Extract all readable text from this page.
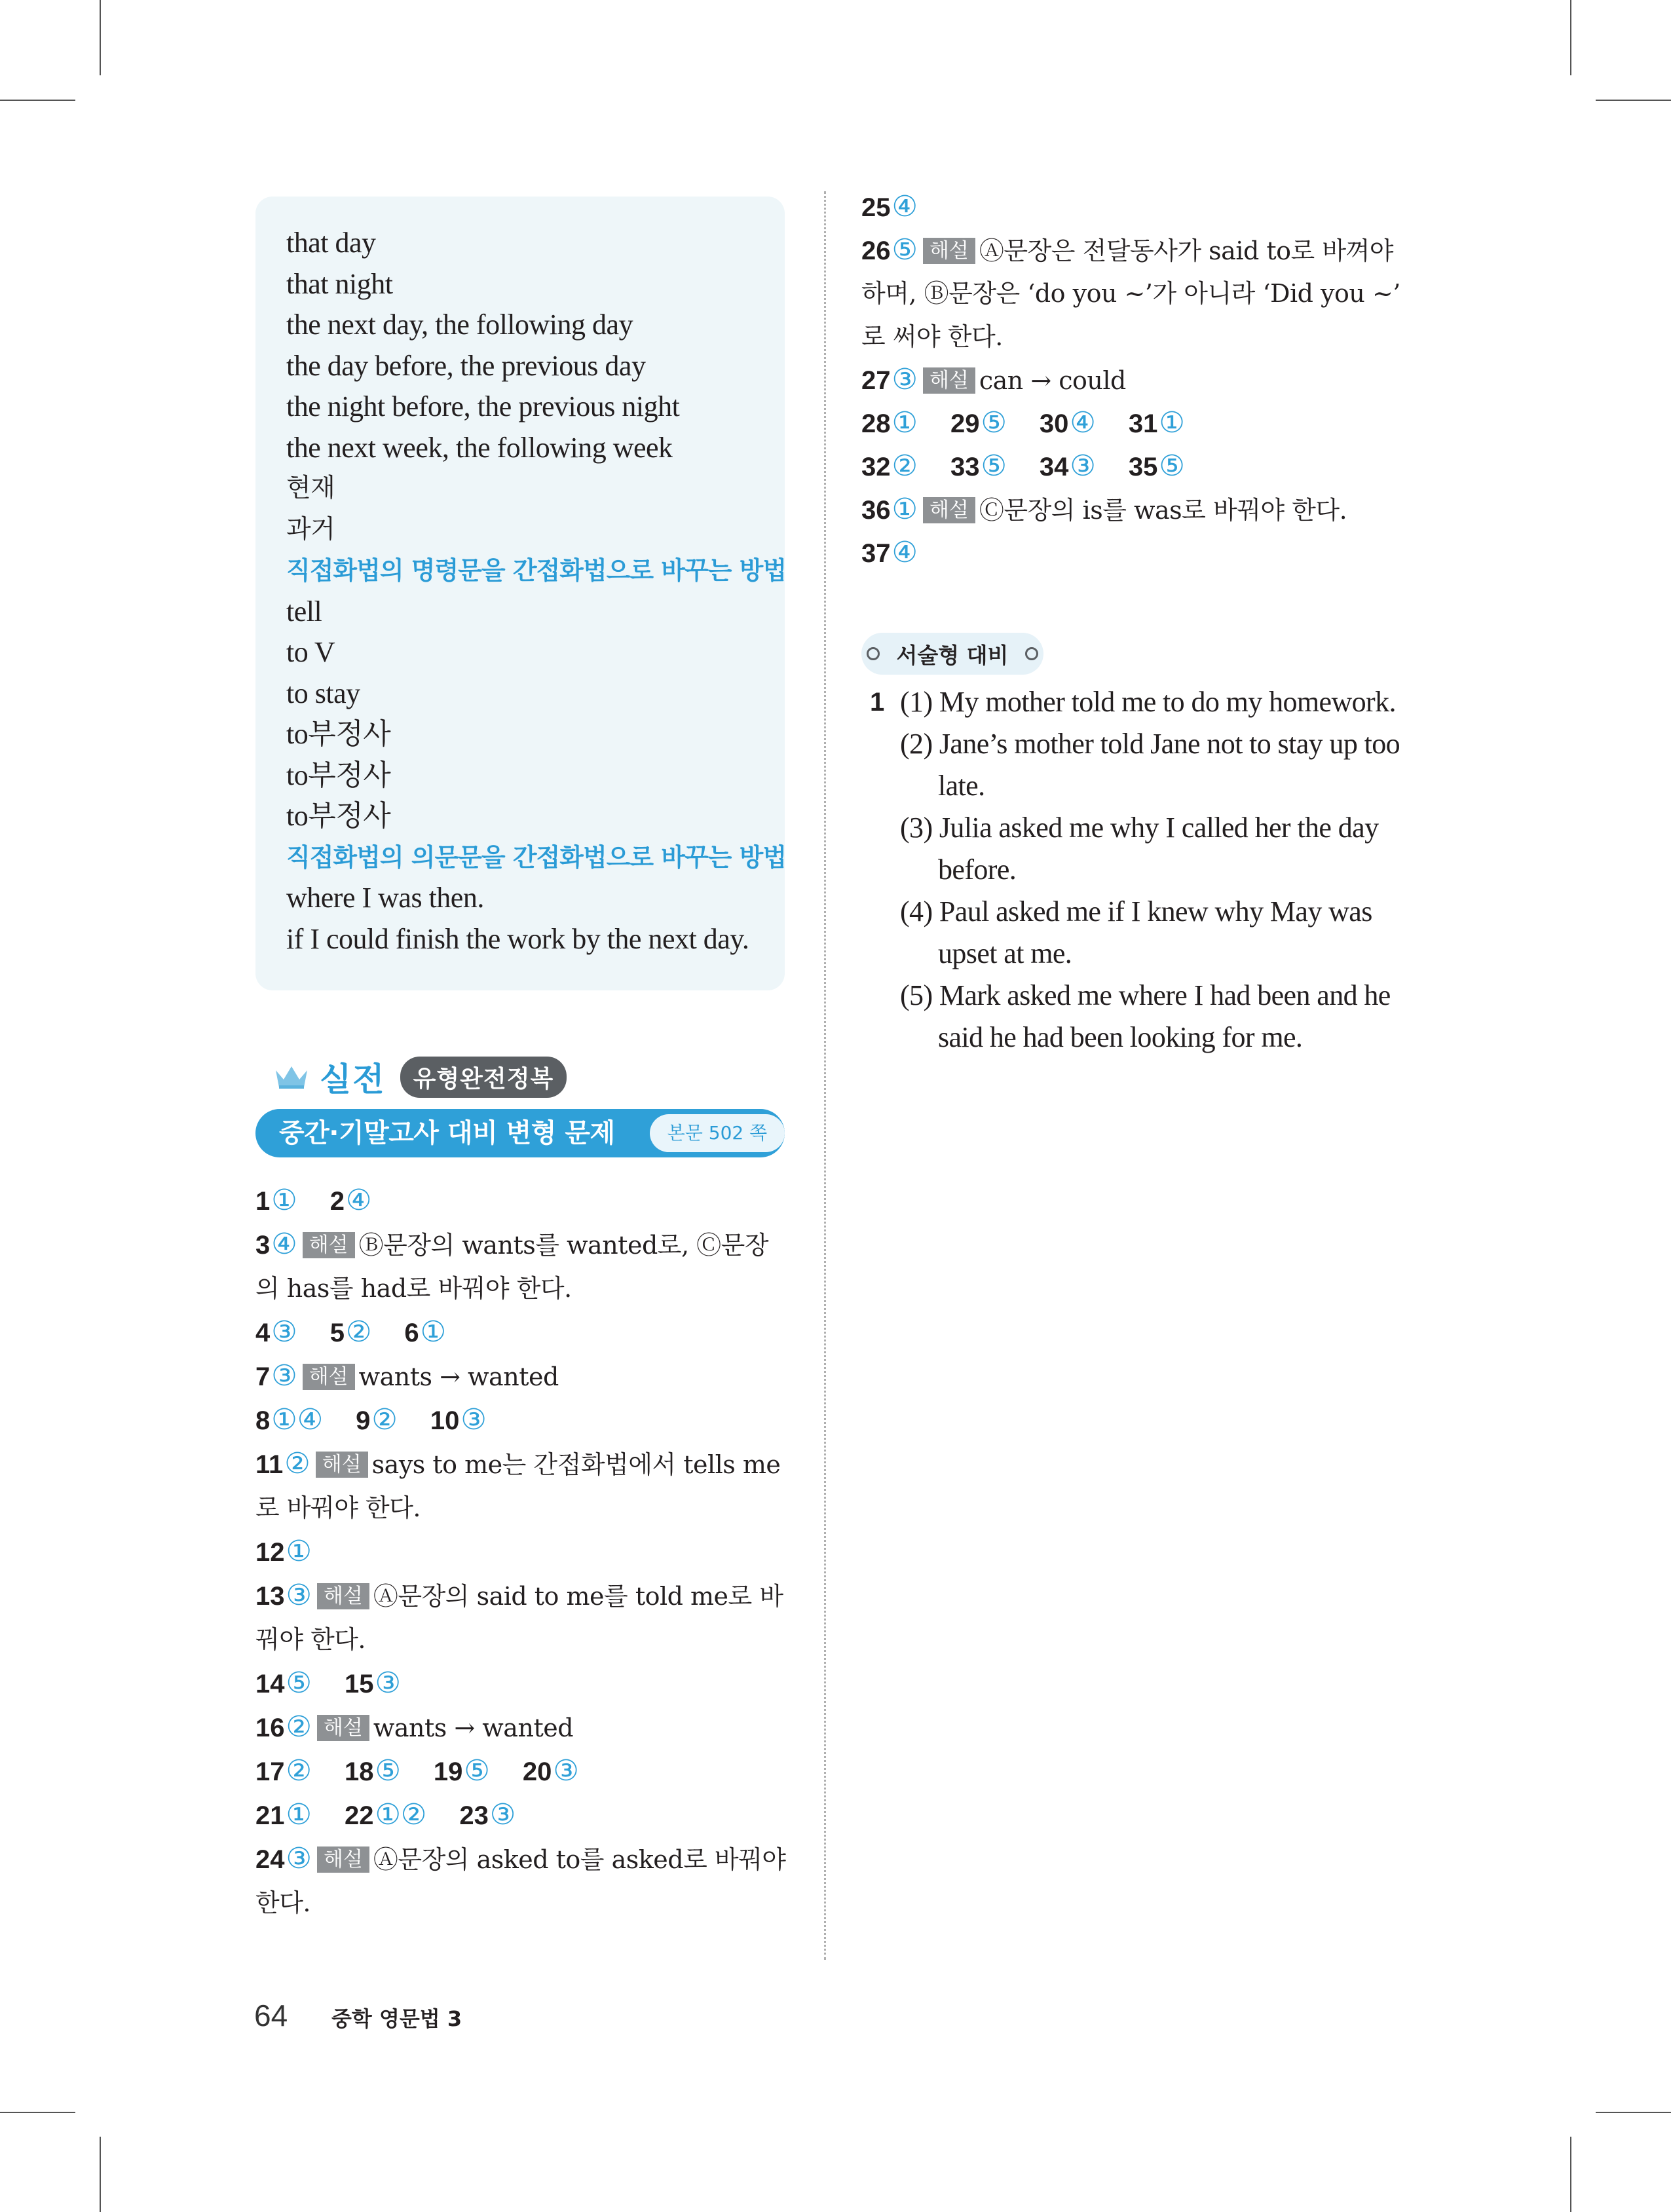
that day
that night
the next day, the following day
the day before, the previous day
the night before, the previous night
the next week, the following week
현재
과거
직접화법의 명령문을 간접화법으로 바꾸는 방법
tell
to V
to stay
to부정사
to부정사
to부정사
직접화법의 의문문을 간접화법으로 바꾸는 방법
where I was then.
if I could finish the work by the next day.
실전	유형완전정복
중간·기말고사 대비 변형 문제	본문 502 쪽
1① 2④
3④ 해설 Ⓑ문장의 wants를 wanted로, Ⓒ문장
의 has를 had로 바꿔야 한다.
4③ 5② 6①
7③ 해설 wants → wanted
8①④ 9② 10③
11② 해설 says to me는 간접화법에서 tells me
로 바꿔야 한다.
12①
13③ 해설 Ⓐ문장의 said to me를 told me로 바
꿔야 한다.
14⑤ 15③
16② 해설 wants → wanted
17② 18⑤ 19⑤ 20③
21① 22①② 23③
24③ 해설 Ⓐ문장의 asked to를 asked로 바꿔야
한다.
25④
26⑤ 해설 Ⓐ문장은 전달동사가 said to로 바껴야
하며, Ⓑ문장은 ‘do you ~’가 아니라 ‘Did you ~’
로 써야 한다.
27③ 해설 can → could
28① 29⑤ 30④ 31①
32② 33⑤ 34③ 35⑤
36① 해설 Ⓒ문장의 is를 was로 바꿔야 한다.
37④
서술형 대비
1 (1) My mother told me to do my homework.
(2) Jane’s mother told Jane not to stay up too
late.
(3) Julia asked me why I called her the day
before.
(4) Paul asked me if I knew why May was
upset at me.
(5) Mark asked me where I had been and he
said he had been looking for me.
64 중학 영문법 3
